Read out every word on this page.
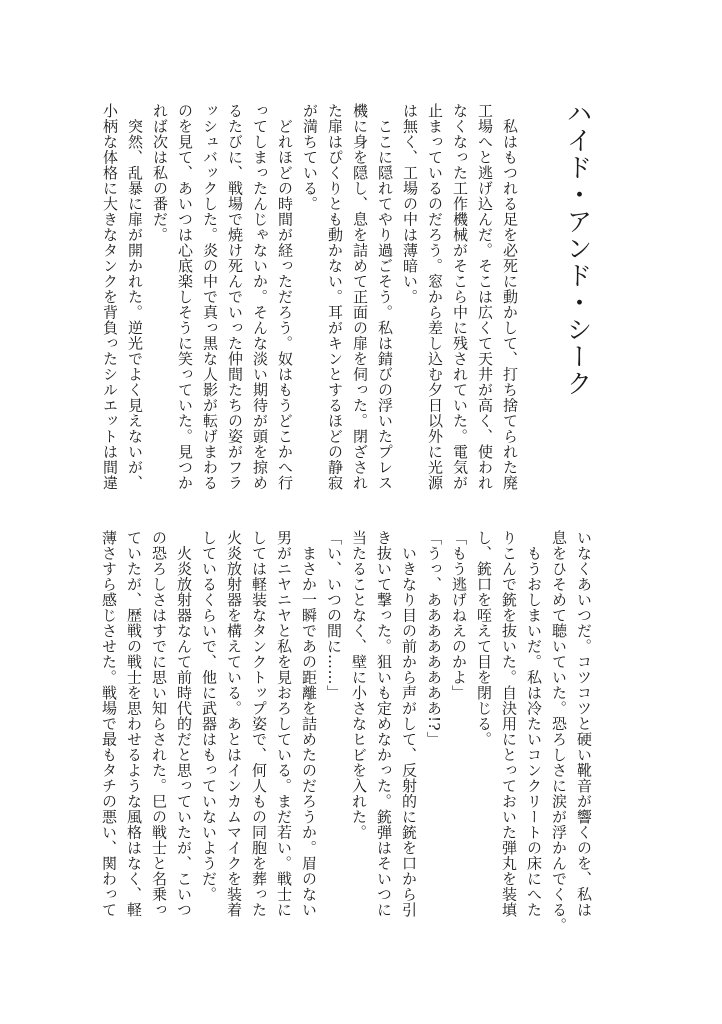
ハイド・アンド・シーク
　私はもつれる足を必死に動かして、打ち捨てられた廃
工場へと逃げ込んだ。そこは広くて天井が高く、使われ
なくなった工作機械がそこら中に残されていた。電気が
止まっているのだろう。窓から差し込む夕日以外に光源
は無く、工場の中は薄暗い。
　ここに隠れてやり過ごそう。私は錆びの浮いたプレス
機に身を隠し、息を詰めて正面の扉を伺った。閉ざされ
た扉はぴくりとも動かない。耳がキンとするほどの静寂
が満ちている。
　どれほどの時間が経っただろう。奴はもうどこかへ行
ってしまったんじゃないか。そんな淡い期待が頭を掠め
るたびに、戦場で焼け死んでいった仲間たちの姿がフラ
ッシュバックした。炎の中で真っ黒な人影が転げまわる
のを見て、あいつは心底楽しそうに笑っていた。見つか
れば次は私の番だ。
　突然、乱暴に扉が開かれた。逆光でよく見えないが、
小柄な体格に大きなタンクを背負ったシルエットは間違
いなくあいつだ。コツコツと硬い靴音が響くのを、私は
息をひそめて聴いていた。恐ろしさに涙が浮かんでくる。
　もうおしまいだ。私は冷たいコンクリートの床にへた
りこんで銃を抜いた。自決用にとっておいた弾丸を装填
し、銃口を咥えて目を閉じる。
「もう逃げねえのかよ」
「うっ、ああああああああ!?」
　いきなり目の前から声がして、反射的に銃を口から引
き抜いて撃った。狙いも定めなかった。銃弾はそいつに
当たることなく、壁に小さなヒビを入れた。
「い、いつの間に……」
　まさか一瞬であの距離を詰めたのだろうか。眉のない
男がニヤニヤと私を見おろしている。まだ若い。戦士に
しては軽装なタンクトップ姿で、何人もの同胞を葬った
火炎放射器を構えている。あとはインカムマイクを装着
しているくらいで、他に武器はもっていないようだ。
　火炎放射器なんて前時代的だと思っていたが、こいつ
の恐ろしさはすでに思い知らされた。巳の戦士と名乗っ
ていたが、歴戦の戦士を思わせるような風格はなく、軽
薄さすら感じさせた。戦場で最もタチの悪い、関わって
